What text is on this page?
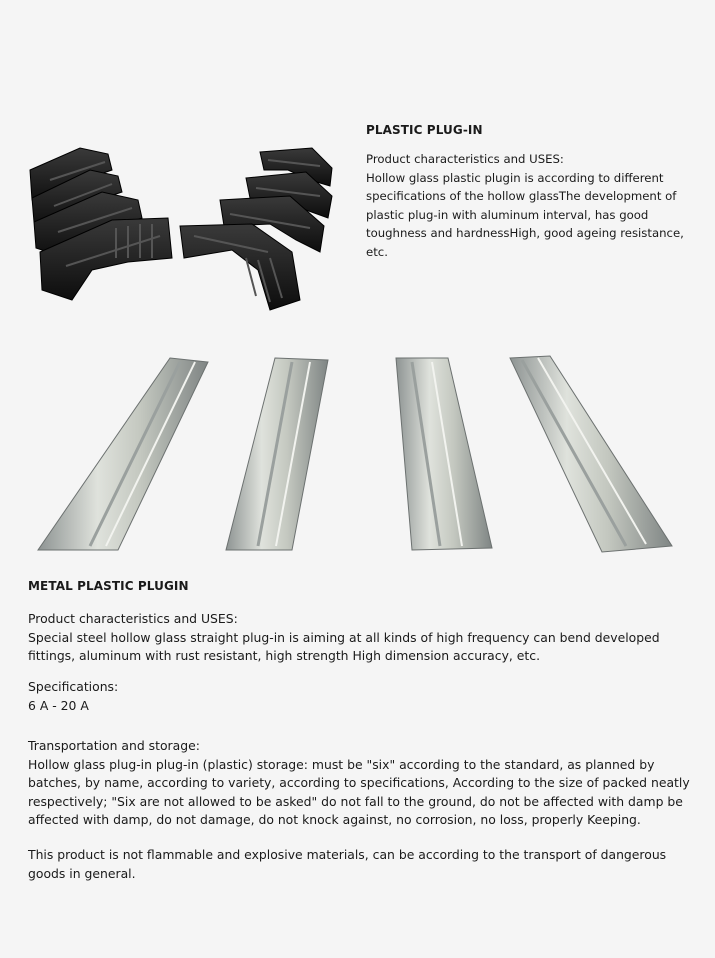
PLASTIC PLUG-IN
Product characteristics and USES:
Hollow glass plastic plugin is according to different specifications of the hollow glassThe development of plastic plug-in with aluminum interval, has good toughness and hardnessHigh, good ageing resistance, etc.
METAL PLASTIC PLUGIN
Product characteristics and USES:
Special steel hollow glass straight plug-in is aiming at all kinds of high frequency can bend developed fittings, aluminum with rust resistant, high strength High dimension accuracy, etc.
Specifications:
6 A - 20 A
Transportation and storage:
Hollow glass plug-in plug-in (plastic) storage: must be "six" according to the standard, as planned by batches, by name, according to variety, according to specifications, According to the size of packed neatly respectively; "Six are not allowed to be asked" do not fall to the ground, do not be affected with damp be affected with damp, do not damage, do not knock against, no corrosion, no loss, properly Keeping.
This product is not flammable and explosive materials, can be according to the transport of dangerous goods in general.
